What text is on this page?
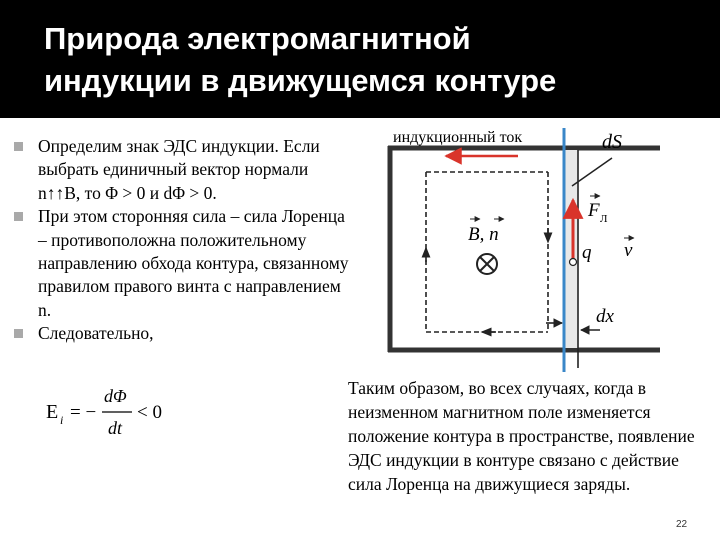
Природа электромагнитной
индукции в движущемся контуре
Определим знак ЭДС индукции. Если выбрать единичный вектор нормали n↑↑B, то Φ > 0 и dΦ > 0.
При этом сторонняя сила – сила Лоренца – противоположна положительному направлению обхода контура, связанному правилом правого винта с направлением n.
Следовательно,
E i = −
dΦ
dt
< 0
индукционный ток	dS
F Л
q v
B, n
dx

Таким образом, во всех случаях, когда в неизменном магнитном поле изменяется положение контура в пространстве, появление ЭДС индукции в контуре связано с действие сила Лоренца на движущиеся заряды.

22
